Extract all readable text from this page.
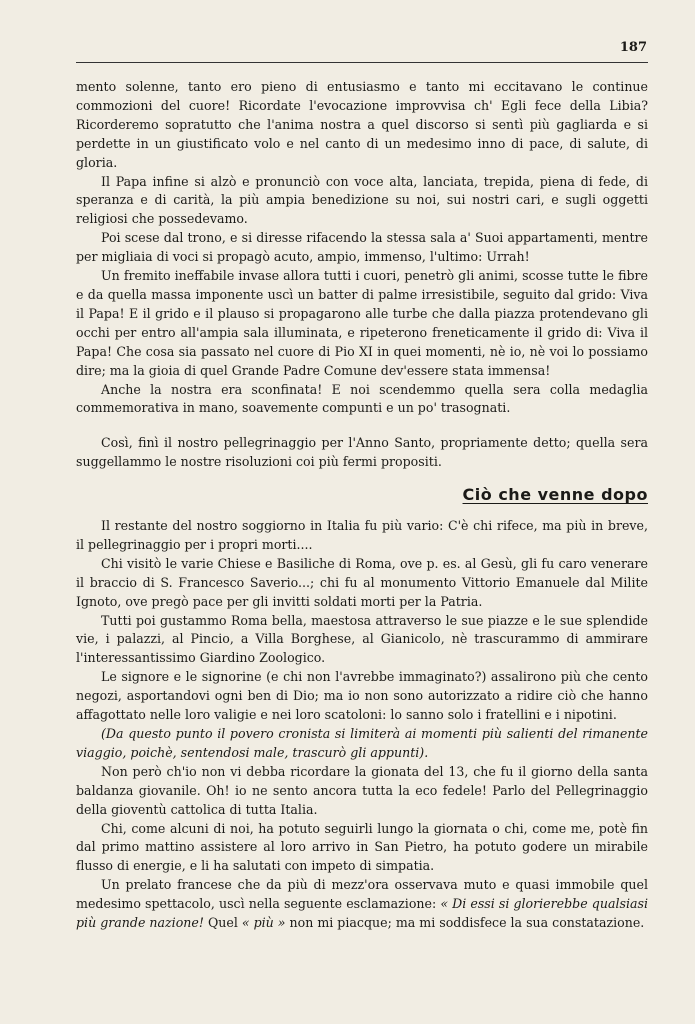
187

mento solenne, tanto ero pieno di entusiasmo e tanto mi eccitavano le continue commozioni del cuore! Ricordate l'evocazione improvvisa ch' Egli fece della Libia? Ricorderemo sopratutto che l'anima nostra a quel discorso si sentì più gagliarda e si perdette in un giustificato volo e nel canto di un medesimo inno di pace, di salute, di gloria.

Il Papa infine si alzò e pronunciò con voce alta, lanciata, trepida, piena di fede, di speranza e di carità, la più ampia benedizione su noi, sui nostri cari, e sugli oggetti religiosi che possedevamo.

Poi scese dal trono, e si diresse rifacendo la stessa sala a' Suoi appartamenti, mentre per migliaia di voci si propagò acuto, ampio, immenso, l'ultimo: Urrah!

Un fremito ineffabile invase allora tutti i cuori, penetrò gli animi, scosse tutte le fibre e da quella massa imponente uscì un batter di palme irresistibile, seguito dal grido: Viva il Papa! E il grido e il plauso si propagarono alle turbe che dalla piazza protendevano gli occhi per entro all'ampia sala illuminata, e ripeterono freneticamente il grido di: Viva il Papa! Che cosa sia passato nel cuore di Pio XI in quei momenti, nè io, nè voi lo possiamo dire; ma la gioia di quel Grande Padre Comune dev'essere stata immensa!

Anche la nostra era sconfinata! E noi scendemmo quella sera colla medaglia commemorativa in mano, soavemente compunti e un po' trasognati.

Così, finì il nostro pellegrinaggio per l'Anno Santo, propriamente detto; quella sera suggellammo le nostre risoluzioni coi più fermi propositi.

Ciò che venne dopo

Il restante del nostro soggiorno in Italia fu più vario: C'è chi rifece, ma più in breve, il pellegrinaggio per i propri morti....

Chi visitò le varie Chiese e Basiliche di Roma, ove p. es. al Gesù, gli fu caro venerare il braccio di S. Francesco Saverio...; chi fu al monumento Vittorio Emanuele dal Milite Ignoto, ove pregò pace per gli invitti soldati morti per la Patria.

Tutti poi gustammo Roma bella, maestosa attraverso le sue piazze e le sue splendide vie, i palazzi, al Pincio, a Villa Borghese, al Gianicolo, nè trascurammo di ammirare l'interessantissimo Giardino Zoologico.

Le signore e le signorine (e chi non l'avrebbe immaginato?) assalirono più che cento negozi, asportandovi ogni ben di Dio; ma io non sono autorizzato a ridire ciò che hanno affagottato nelle loro valigie e nei loro scatoloni: lo sanno solo i fratellini e i nipotini.

(Da questo punto il povero cronista si limiterà ai momenti più salienti del rimanente viaggio, poichè, sentendosi male, trascurò gli appunti).

Non però ch'io non vi debba ricordare la gionata del 13, che fu il giorno della santa baldanza giovanile. Oh! io ne sento ancora tutta la eco fedele! Parlo del Pellegrinaggio della gioventù cattolica di tutta Italia.

Chi, come alcuni di noi, ha potuto seguirli lungo la giornata o chi, come me, potè fin dal primo mattino assistere al loro arrivo in San Pietro, ha potuto godere un mirabile flusso di energie, e li ha salutati con impeto di simpatia.

Un prelato francese che da più di mezz'ora osservava muto e quasi immobile quel medesimo spettacolo, uscì nella seguente esclamazione: « Di essi si glorierebbe qualsiasi più grande nazione! Quel « più » non mi piacque; ma mi soddisfece la sua constatazione.
